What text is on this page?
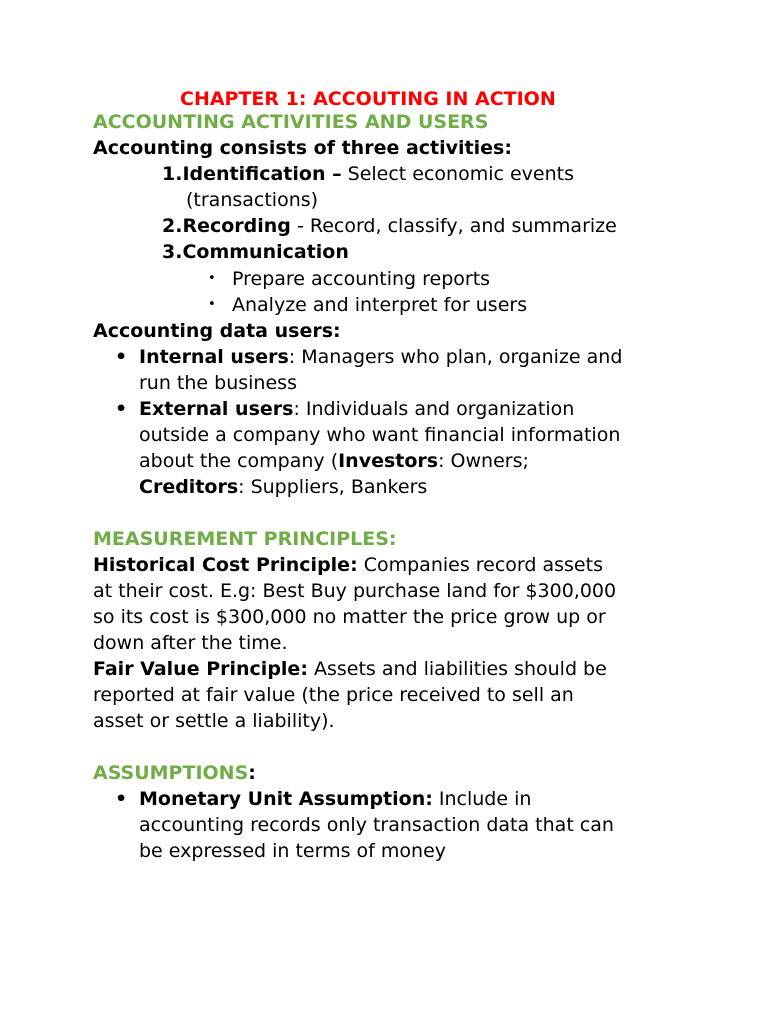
CHAPTER 1: ACCOUTING IN ACTION
ACCOUNTING ACTIVITIES AND USERS
Accounting consists of three activities:
1.Identification – Select economic events
(transactions)
2.Recording - Record, classify, and summarize
3.Communication
• Prepare accounting reports
• Analyze and interpret for users
Accounting data users:
• Internal users: Managers who plan, organize and
run the business
• External users: Individuals and organization
outside a company who want financial information
about the company (Investors: Owners;
Creditors: Suppliers, Bankers
MEASUREMENT PRINCIPLES:
Historical Cost Principle: Companies record assets
at their cost. E.g: Best Buy purchase land for $300,000
so its cost is $300,000 no matter the price grow up or
down after the time.
Fair Value Principle: Assets and liabilities should be
reported at fair value (the price received to sell an
asset or settle a liability).
ASSUMPTIONS:
• Monetary Unit Assumption: Include in
accounting records only transaction data that can
be expressed in terms of money
